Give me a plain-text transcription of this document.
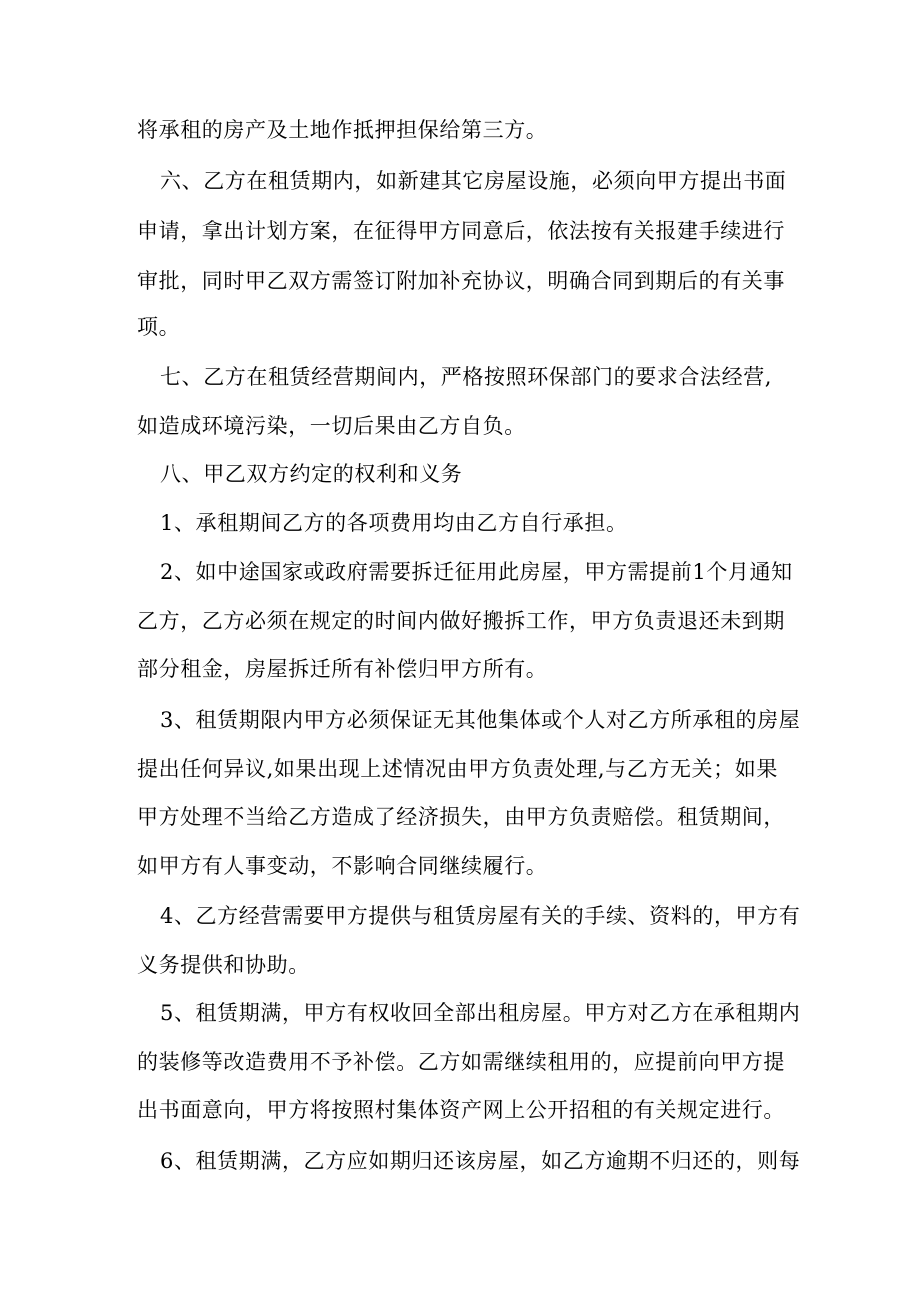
将承租的房产及土地作抵押担保给第三方。
六、乙方在租赁期内，如新建其它房屋设施，必须向甲方提出书面
申请，拿出计划方案，在征得甲方同意后，依法按有关报建手续进行
审批，同时甲乙双方需签订附加补充协议，明确合同到期后的有关事
项。
七、乙方在租赁经营期间内，严格按照环保部门的要求合法经营,
如造成环境污染，一切后果由乙方自负。
八、甲乙双方约定的权利和义务
1、承租期间乙方的各项费用均由乙方自行承担。
2、如中途国家或政府需要拆迁征用此房屋，甲方需提前1个月通知
乙方，乙方必须在规定的时间内做好搬拆工作，甲方负责退还未到期
部分租金，房屋拆迁所有补偿归甲方所有。
3、租赁期限内甲方必须保证无其他集体或个人对乙方所承租的房屋
提出任何异议,如果出现上述情况由甲方负责处理,与乙方无关；如果
甲方处理不当给乙方造成了经济损失，由甲方负责赔偿。租赁期间，
如甲方有人事变动，不影响合同继续履行。
4、乙方经营需要甲方提供与租赁房屋有关的手续、资料的，甲方有
义务提供和协助。
5、租赁期满，甲方有权收回全部出租房屋。甲方对乙方在承租期内
的装修等改造费用不予补偿。乙方如需继续租用的，应提前向甲方提
出书面意向，甲方将按照村集体资产网上公开招租的有关规定进行。
6、租赁期满，乙方应如期归还该房屋，如乙方逾期不归还的，则每
